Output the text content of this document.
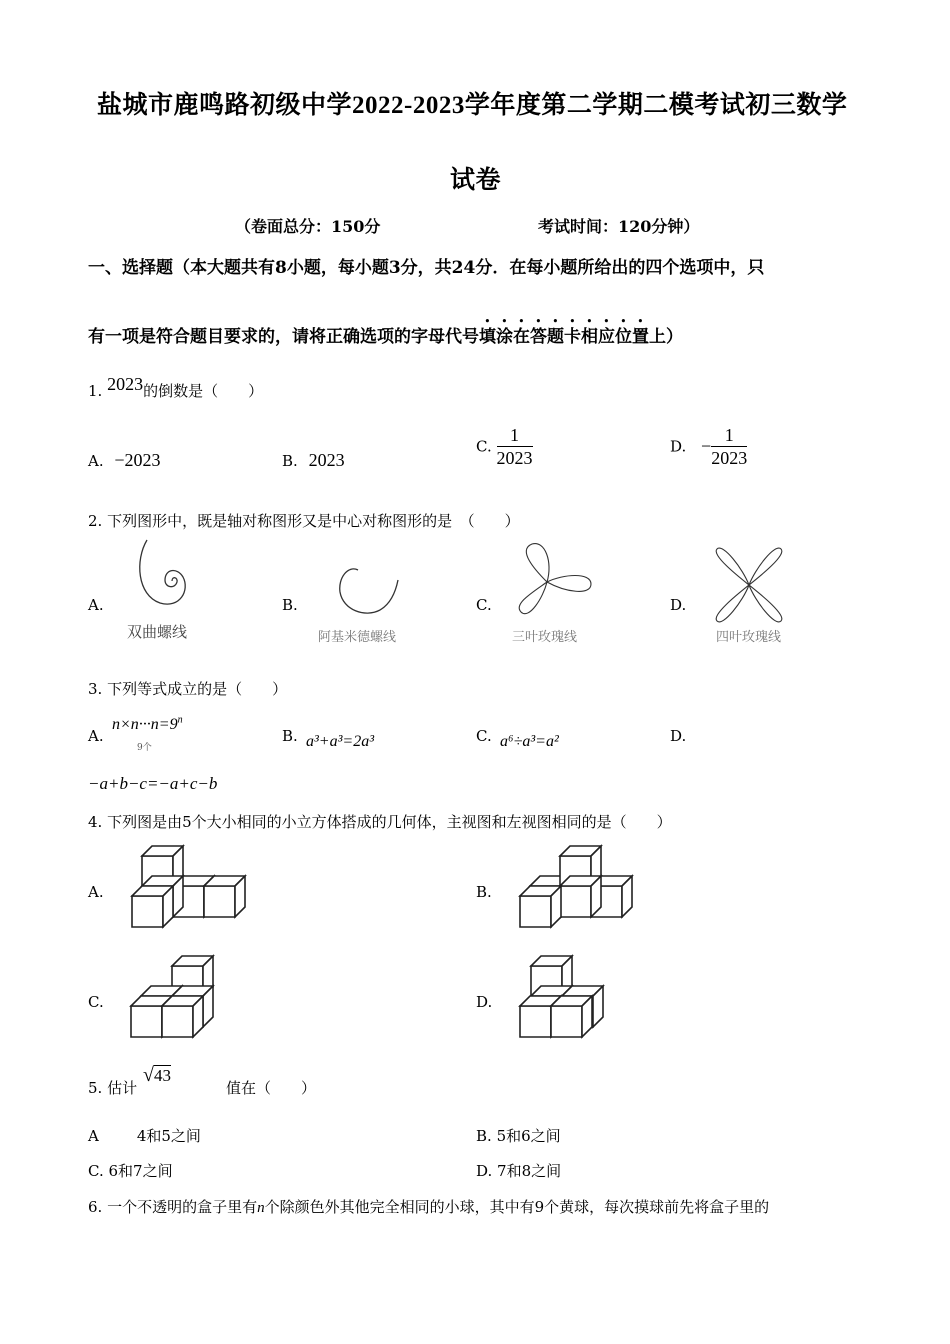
盐城市鹿鸣路初级中学2022-2023学年度第二学期二模考试初三数学
试卷
（卷面总分：150分	考试时间：120分钟）
一、选择题（本大题共有8小题，每小题3分，共24分．在每小题所给出的四个选项中，只
有一项是符合题目要求的，请将正确选项的字母代号填涂在答题卡相应位置上）
1. 2023的倒数是（　　）
A. −2023	B. 2023
C. $\frac{1}{2023}$	D. − $\frac{1}{2023}$
2. 下列图形中，既是轴对称图形又是中心对称图形的是　（　　）
A.	B.	C.	D.
双曲螺线	阿基米德螺线	三叶玫瑰线	四叶玫瑰线
3. 下列等式成立的是（　　）
A.
$n\times n\cdot\cdot\cdot n=9^n$
9个
B. a³+a³=2a³	C. a⁶÷a³=a²	D.
−a+b−c=−a+c−b
4. 下列图是由5个大小相同的小立方体搭成的几何体，主视图和左视图相同的是（　　）
A.	B.
C.	D.
5. 估计
√43
值在（　　）
A	4和5之间	B. 5和6之间
C. 6和7之间	D. 7和8之间
6. 一个不透明的盒子里有n个除颜色外其他完全相同的小球，其中有9个黄球，每次摸球前先将盒子里的
